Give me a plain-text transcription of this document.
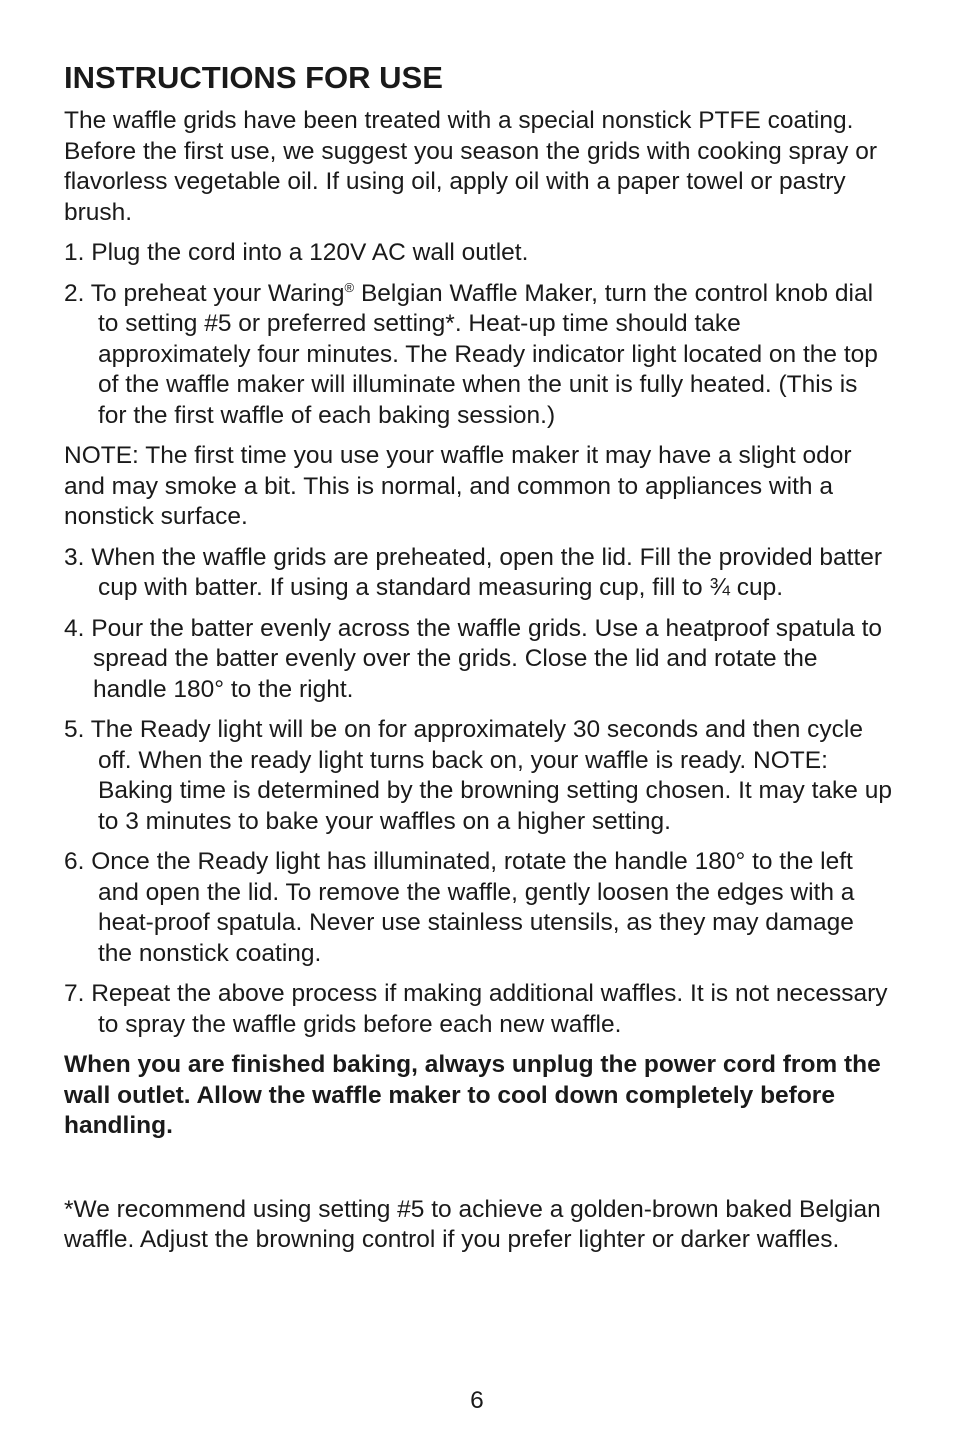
INSTRUCTIONS FOR USE

The waffle grids have been treated with a special nonstick PTFE coating. Before the first use, we suggest you season the grids with cooking spray or flavorless vegetable oil. If using oil, apply oil with a paper towel or pastry brush.

1. Plug the cord into a 120V AC wall outlet.

2. To preheat your Waring® Belgian Waffle Maker, turn the control knob dial to setting #5 or preferred setting*. Heat-up time should take approximately four minutes. The Ready indicator light located on the top of the waffle maker will illuminate when the unit is fully heated. (This is for the first waffle of each baking session.)

NOTE: The first time you use your waffle maker it may have a slight odor and may smoke a bit. This is normal, and common to appliances with a nonstick surface.

3. When the waffle grids are preheated, open the lid. Fill the provided batter cup with batter. If using a standard measuring cup, fill to ¾ cup.

4. Pour the batter evenly across the waffle grids. Use a heatproof spatula to spread the batter evenly over the grids. Close the lid and rotate the handle 180° to the right.

5. The Ready light will be on for approximately 30 seconds and then cycle off. When the ready light turns back on, your waffle is ready. NOTE: Baking time is determined by the browning setting chosen. It may take up to 3 minutes to bake your waffles on a higher setting.

6. Once the Ready light has illuminated, rotate the handle 180° to the left and open the lid. To remove the waffle, gently loosen the edges with a heat-proof spatula. Never use stainless utensils, as they may damage the nonstick coating.

7. Repeat the above process if making additional waffles. It is not necessary to spray the waffle grids before each new waffle.

When you are finished baking, always unplug the power cord from the wall outlet. Allow the waffle maker to cool down completely before handling.

*We recommend using setting #5 to achieve a golden-brown baked Belgian waffle. Adjust the browning control if you prefer lighter or darker waffles.

6
